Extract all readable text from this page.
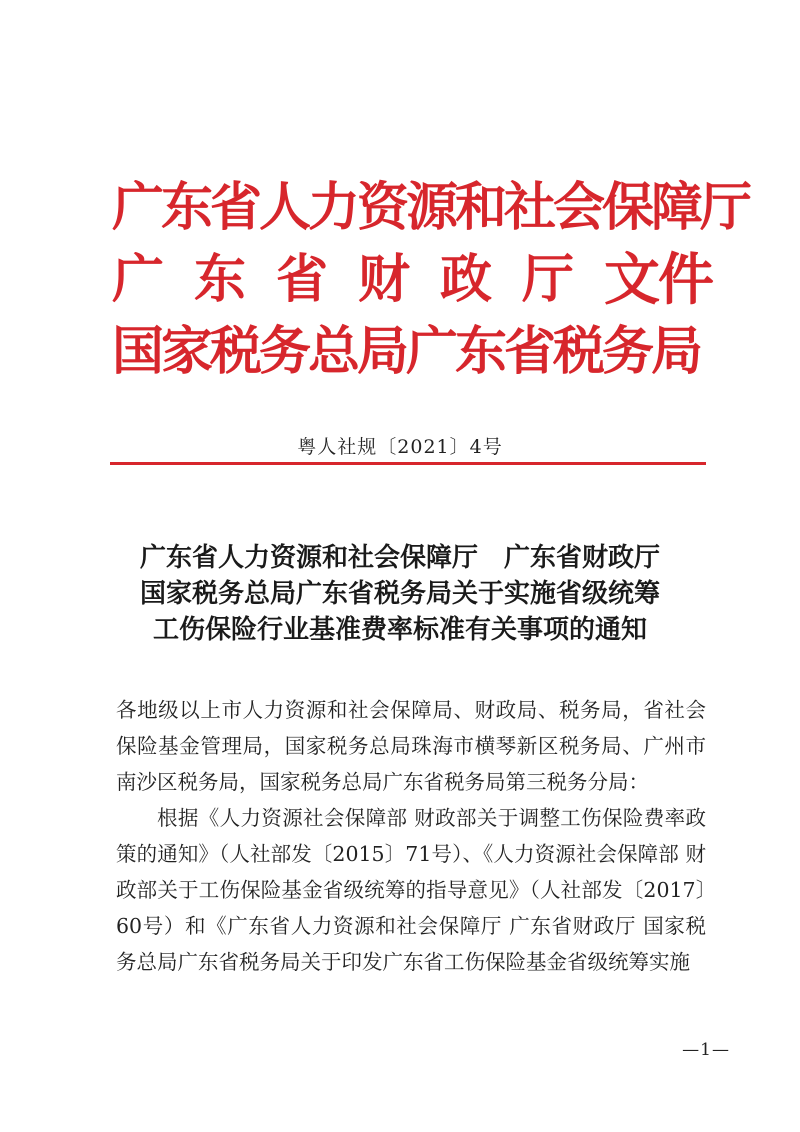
广东省人力资源和社会保障厅
广 东 省 财 政 厅 文件
国家税务总局广东省税务局
粤人社规〔2021〕4号
广东省人力资源和社会保障厅　广东省财政厅
国家税务总局广东省税务局关于实施省级统筹
工伤保险行业基准费率标准有关事项的通知

各地级以上市人力资源和社会保障局、财政局、税务局，省社会保险基金管理局，国家税务总局珠海市横琴新区税务局、广州市南沙区税务局，国家税务总局广东省税务局第三税务分局：

根据《人力资源社会保障部 财政部关于调整工伤保险费率政策的通知》（人社部发〔2015〕71号）、《人力资源社会保障部 财政部关于工伤保险基金省级统筹的指导意见》（人社部发〔2017〕60号）和《广东省人力资源和社会保障厅 广东省财政厅 国家税务总局广东省税务局关于印发广东省工伤保险基金省级统筹实施

—1—
